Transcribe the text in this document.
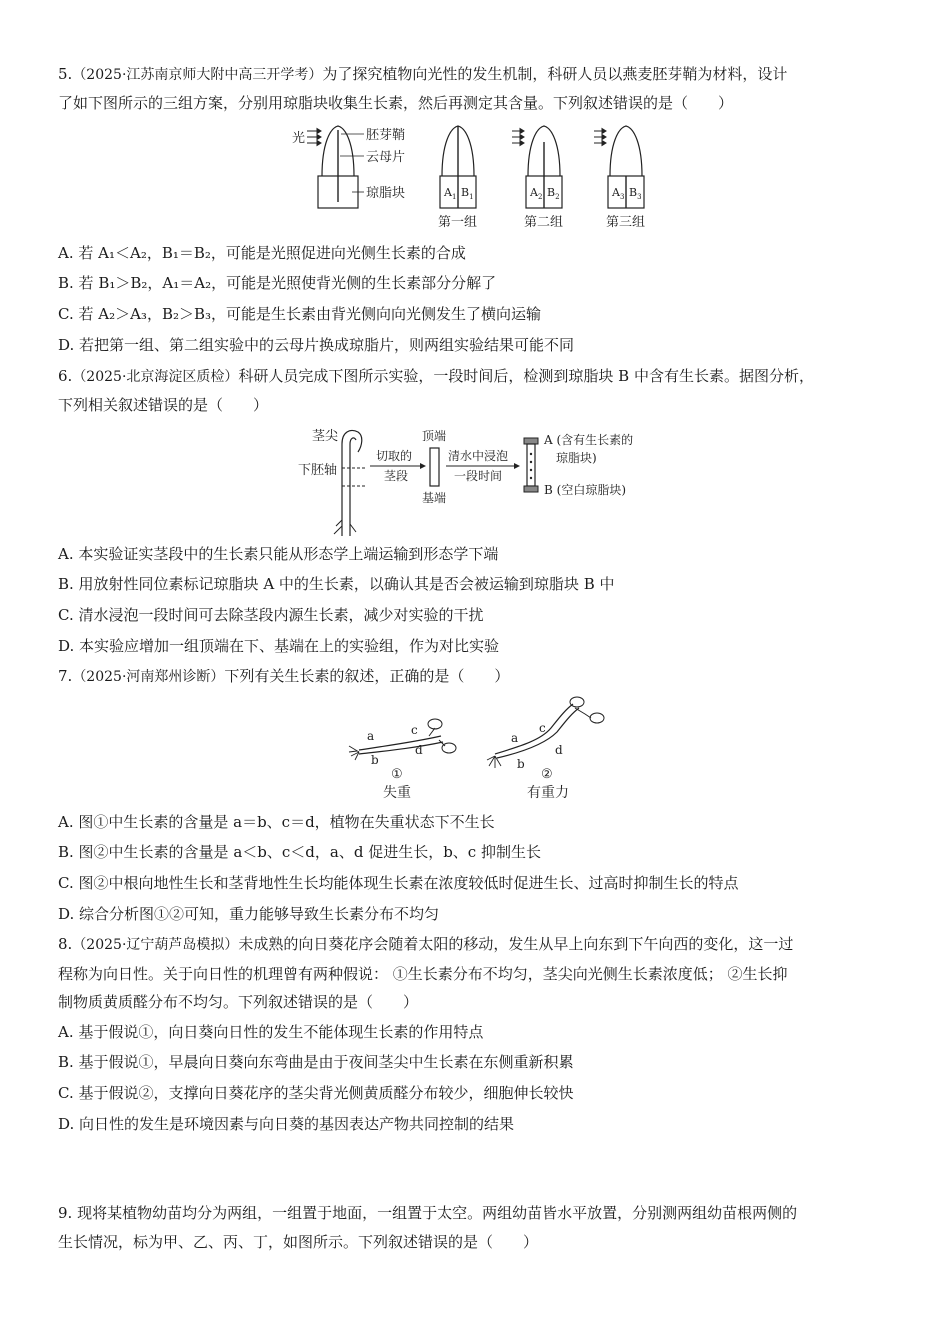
5.（2025·江苏南京师大附中高三开学考）为了探究植物向光性的发生机制，科研人员以燕麦胚芽鞘为材料，设计
了如下图所示的三组方案，分别用琼脂块收集生长素，然后再测定其含量。下列叙述错误的是（　　）
光	胚芽鞘
云母片
琼脂块	$A_1$ $B_1$
第一组
$A_2$ $B_2$
第二组
$A_3$ $B_3$
第三组
A. 若 A₁＜A₂，B₁＝B₂，可能是光照促进向光侧生长素的合成
B. 若 B₁＞B₂，A₁＝A₂，可能是光照使背光侧的生长素部分分解了
C. 若 A₂＞A₃，B₂＞B₃，可能是生长素由背光侧向向光侧发生了横向运输
D. 若把第一组、第二组实验中的云母片换成琼脂片，则两组实验结果可能不同
6.（2025·北京海淀区质检）科研人员完成下图所示实验，一段时间后，检测到琼脂块 B 中含有生长素。据图分析，
下列相关叙述错误的是（　　）
茎尖
下胚轴
切取的
茎段
顶端
基端
清水中浸泡
一段时间
A (含有生长素的
琼脂块)
B (空白琼脂块)
A. 本实验证实茎段中的生长素只能从形态学上端运输到形态学下端
B. 用放射性同位素标记琼脂块 A 中的生长素，以确认其是否会被运输到琼脂块 B 中
C. 清水浸泡一段时间可去除茎段内源生长素，减少对实验的干扰
D. 本实验应增加一组顶端在下、基端在上的实验组，作为对比实验
7.（2025·河南郑州诊断）下列有关生长素的叙述，正确的是（　　）
a
b
c
d
①
失重
a
b
c
d
②
有重力
A. 图①中生长素的含量是 a＝b、c＝d，植物在失重状态下不生长
B. 图②中生长素的含量是 a＜b、c＜d，a、d 促进生长，b、c 抑制生长
C. 图②中根向地性生长和茎背地性生长均能体现生长素在浓度较低时促进生长、过高时抑制生长的特点
D. 综合分析图①②可知，重力能够导致生长素分布不均匀
8.（2025·辽宁葫芦岛模拟）未成熟的向日葵花序会随着太阳的移动，发生从早上向东到下午向西的变化，这一过
程称为向日性。关于向日性的机理曾有两种假说： ①生长素分布不均匀，茎尖向光侧生长素浓度低； ②生长抑
制物质黄质醛分布不均匀。下列叙述错误的是（　　）
A. 基于假说①，向日葵向日性的发生不能体现生长素的作用特点
B. 基于假说①，早晨向日葵向东弯曲是由于夜间茎尖中生长素在东侧重新积累
C. 基于假说②，支撑向日葵花序的茎尖背光侧黄质醛分布较少，细胞伸长较快
D. 向日性的发生是环境因素与向日葵的基因表达产物共同控制的结果
9. 现将某植物幼苗均分为两组，一组置于地面，一组置于太空。两组幼苗皆水平放置，分别测两组幼苗根两侧的
生长情况，标为甲、乙、丙、丁，如图所示。下列叙述错误的是（　　）
